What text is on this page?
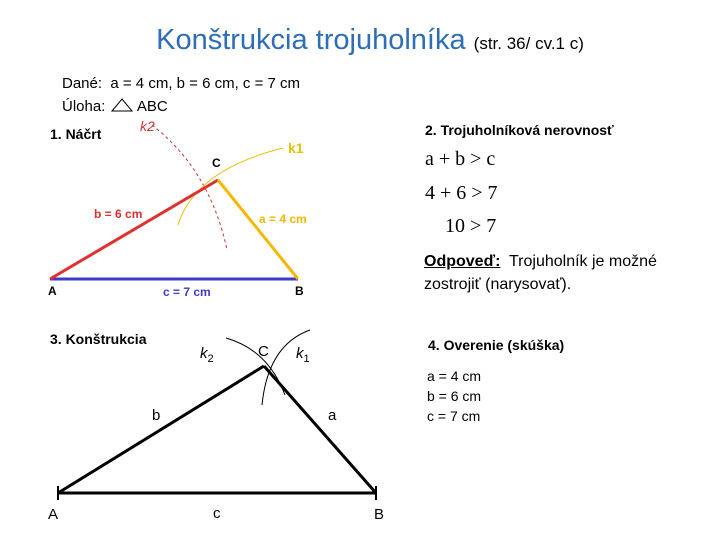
Konštrukcia trojuholníka (str. 36/ cv.1 c)
Dané: a = 4 cm, b = 6 cm, c = 7 cm
Úloha: ABC
1. Náčrt	2. Trojuholníková nerovnosť
3. Konštrukcia	4. Overenie (skúška)
k2
k1
C
b = 6 cm	a = 4 cm
A	c = 7 cm	B
a + b > c
4 + 6 > 7
10 > 7
Odpoveď: Trojuholník je možné
zostrojiť (narysovať).
$k_2$	C $k_1$
b	a
A	c	B
a = 4 cm
b = 6 cm
c = 7 cm
